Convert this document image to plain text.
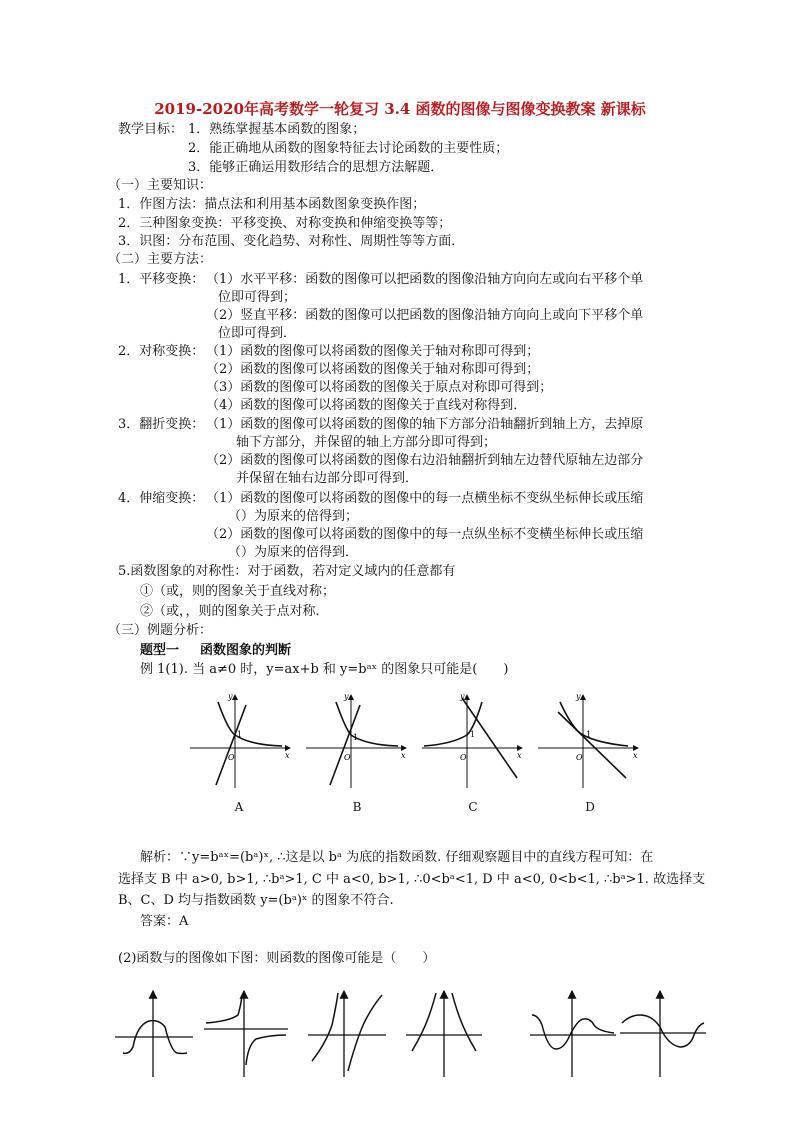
2019-2020年高考数学一轮复习 3.4 函数的图像与图像变换教案 新课标
教学目标： 1．熟练掌握基本函数的图象；
2．能正确地从函数的图象特征去讨论函数的主要性质；
3．能够正确运用数形结合的思想方法解题．
（一）主要知识：
1．作图方法：描点法和利用基本函数图象变换作图；
2．三种图象变换：平移变换、对称变换和伸缩变换等等；
3．识图：分布范围、变化趋势、对称性、周期性等等方面．
（二）主要方法：
1．平移变换： （1）水平平移：函数的图像可以把函数的图像沿轴方向向左或向右平移个单
位即可得到；
（2）竖直平移：函数的图像可以把函数的图像沿轴方向向上或向下平移个单
位即可得到．
2．对称变换： （1）函数的图像可以将函数的图像关于轴对称即可得到；
（2）函数的图像可以将函数的图像关于轴对称即可得到；
（3）函数的图像可以将函数的图像关于原点对称即可得到；
（4）函数的图像可以将函数的图像关于直线对称得到．
3．翻折变换： （1）函数的图像可以将函数的图像的轴下方部分沿轴翻折到轴上方，去掉原
轴下方部分，并保留的轴上方部分即可得到；
（2）函数的图像可以将函数的图像右边沿轴翻折到轴左边替代原轴左边部分
并保留在轴右边部分即可得到．
4．伸缩变换： （1）函数的图像可以将函数的图像中的每一点横坐标不变纵坐标伸长或压缩
（）为原来的倍得到；
（2）函数的图像可以将函数的图像中的每一点纵坐标不变横坐标伸长或压缩
（）为原来的倍得到．
5.函数图象的对称性：对于函数，若对定义域内的任意都有
①（或，则的图象关于直线对称；
②（或，，则的图象关于点对称．
（三）例题分析：
题型一 函数图象的判断
例 1(1). 当 a≠0 时，y=ax+b 和 y=bᵃˣ 的图象只可能是(　　)
y
x
O
1
A
y
x
O
1
B
y
x
O
1
C
y
x
O
1
D
解析：∵y=bᵃˣ=(bᵃ)ˣ, ∴这是以 bᵃ 为底的指数函数. 仔细观察题目中的直线方程可知：在
选择支 B 中 a>0, b>1, ∴bᵃ>1, C 中 a<0, b>1, ∴0<bᵃ<1, D 中 a<0, 0<b<1, ∴bᵃ>1. 故选择支
B、C、D 均与指数函数 y=(bᵃ)ˣ 的图象不符合.
答案：A
(2)函数与的图像如下图：则函数的图像可能是（　　）
